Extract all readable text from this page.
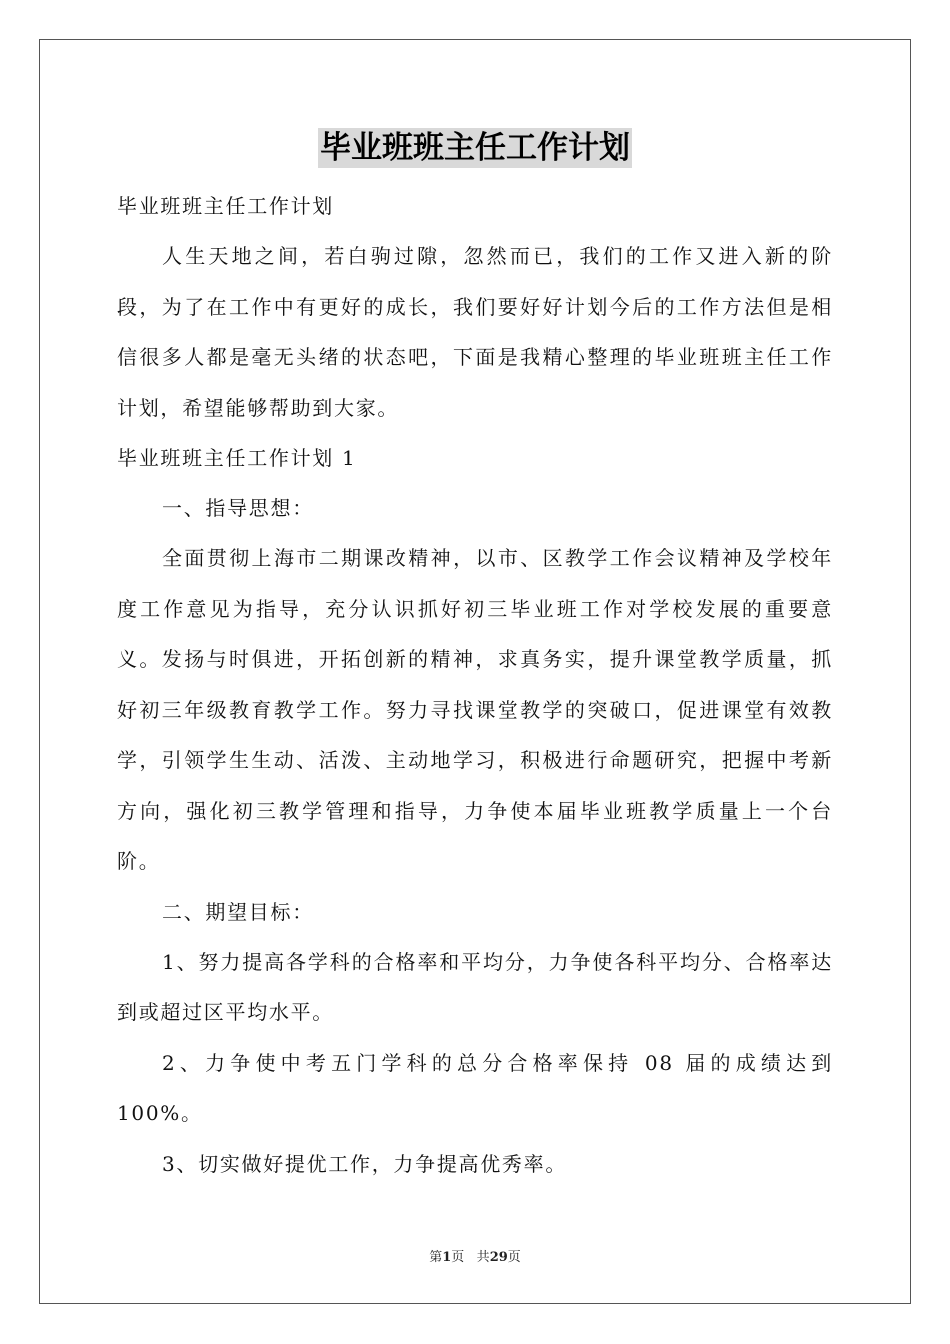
毕业班班主任工作计划
毕业班班主任工作计划

人生天地之间，若白驹过隙，忽然而已，我们的工作又进入新的阶段，为了在工作中有更好的成长，我们要好好计划今后的工作方法但是相信很多人都是毫无头绪的状态吧，下面是我精心整理的毕业班班主任工作计划，希望能够帮助到大家。

毕业班班主任工作计划 1
一、指导思想：

全面贯彻上海市二期课改精神，以市、区教学工作会议精神及学校年度工作意见为指导，充分认识抓好初三毕业班工作对学校发展的重要意义。发扬与时俱进，开拓创新的精神，求真务实，提升课堂教学质量，抓好初三年级教育教学工作。努力寻找课堂教学的突破口，促进课堂有效教学，引领学生生动、活泼、主动地学习，积极进行命题研究，把握中考新方向，强化初三教学管理和指导，力争使本届毕业班教学质量上一个台阶。

二、期望目标：

1、努力提高各学科的合格率和平均分，力争使各科平均分、合格率达到或超过区平均水平。

2、力争使中考五门学科的总分合格率保持 08 届的成绩达到 100%。

3、切实做好提优工作，力争提高优秀率。

第1页 共29页
